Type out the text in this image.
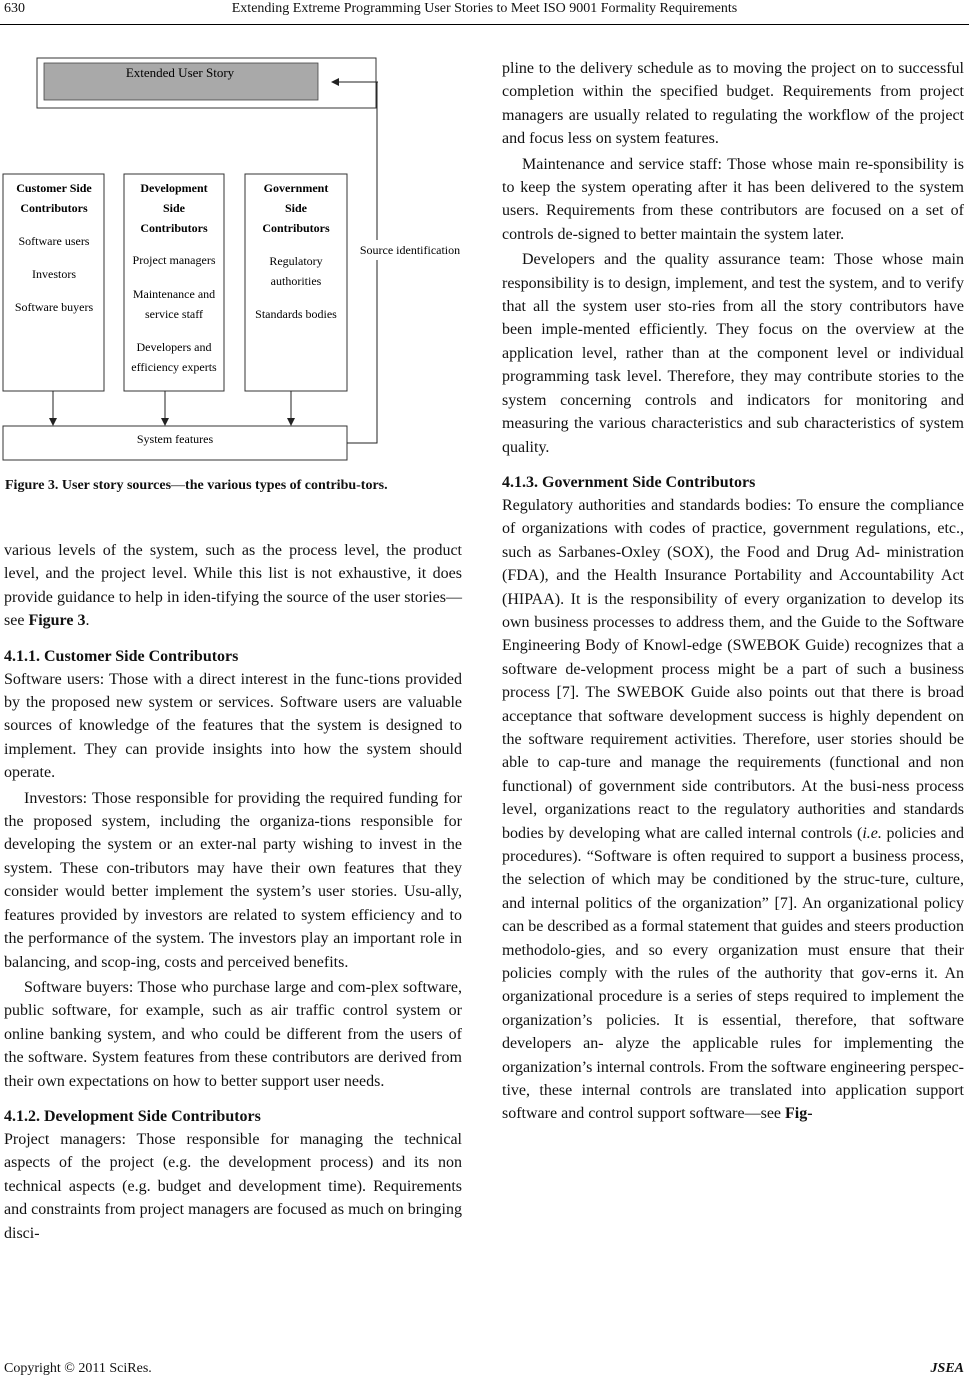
630	Extending Extreme Programming User Stories to Meet ISO 9001 Formality Requirements
Extended User Story
Customer Side
Contributors
Software users
Investors
Software buyers
Development
Side
Contributors
Project managers
Maintenance and
service staff
Developers and
efficiency experts
Government
Side
Contributors
Regulatory
authorities
Standards bodies
System features
Source identification
Figure 3. User story sources—the various types of contribu-tors.

various levels of the system, such as the process level, the product level, and the project level. While this list is not exhaustive, it does provide guidance to help in iden-tifying the source of the user stories—see Figure 3.

4.1.1. Customer Side Contributors

Software users: Those with a direct interest in the func-tions provided by the proposed new system or services. Software users are valuable sources of knowledge of the features that the system is designed to implement. They can provide insights into how the system should operate.

Investors: Those responsible for providing the required funding for the proposed system, including the organiza-tions responsible for developing the system or an exter-nal party wishing to invest in the system. These con-tributors may have their own features that they consider would better implement the system’s user stories. Usu-ally, features provided by investors are related to system efficiency and to the performance of the system. The investors play an important role in balancing, and scop-ing, costs and perceived benefits.

Software buyers: Those who purchase large and com-plex software, public software, for example, such as air traffic control system or online banking system, and who could be different from the users of the software. System features from these contributors are derived from their own expectations on how to better support user needs.

4.1.2. Development Side Contributors

Project managers: Those responsible for managing the technical aspects of the project (e.g. the development process) and its non technical aspects (e.g. budget and development time). Requirements and constraints from project managers are focused as much on bringing disci-

pline to the delivery schedule as to moving the project on to successful completion within the specified budget. Requirements from project managers are usually related to regulating the workflow of the project and focus less on system features.

Maintenance and service staff: Those whose main re-sponsibility is to keep the system operating after it has been delivered to the system users. Requirements from these contributors are focused on a set of controls de-signed to better maintain the system later.

Developers and the quality assurance team: Those whose main responsibility is to design, implement, and test the system, and to verify that all the system user sto-ries from all the story contributors have been imple-mented efficiently. They focus on the overview at the application level, rather than at the component level or individual programming task level. Therefore, they may contribute stories to the system concerning controls and indicators for monitoring and measuring the various characteristics and sub characteristics of system quality.

4.1.3. Government Side Contributors

Regulatory authorities and standards bodies: To ensure the compliance of organizations with codes of practice, government regulations, etc., such as Sarbanes-Oxley (SOX), the Food and Drug Ad- ministration (FDA), and the Health Insurance Portability and Accountability Act (HIPAA). It is the responsibility of every organization to develop its own business processes to address them, and the Guide to the Software Engineering Body of Knowl-edge (SWEBOK Guide) recognizes that a software de-velopment process might be a part of such a business process [7]. The SWEBOK Guide also points out that there is broad acceptance that software development success is highly dependent on the software requirement activities. Therefore, user stories should be able to cap-ture and manage the requirements (functional and non functional) of government side contributors. At the busi-ness process level, organizations react to the regulatory authorities and standards bodies by developing what are called internal controls (i.e. policies and procedures). “Software is often required to support a business process, the selection of which may be conditioned by the struc-ture, culture, and internal politics of the organization” [7]. An organizational policy can be described as a formal statement that guides and steers production methodolo-gies, and so every organization must ensure that their policies comply with the rules of the authority that gov-erns it. An organizational procedure is a series of steps required to implement the organization’s policies. It is essential, therefore, that software developers an- alyze the applicable rules for implementing the organization’s internal controls. From the software engineering perspec-tive, these internal controls are translated into application support software and control support software—see Fig-

Copyright © 2011 SciRes.	JSEA
